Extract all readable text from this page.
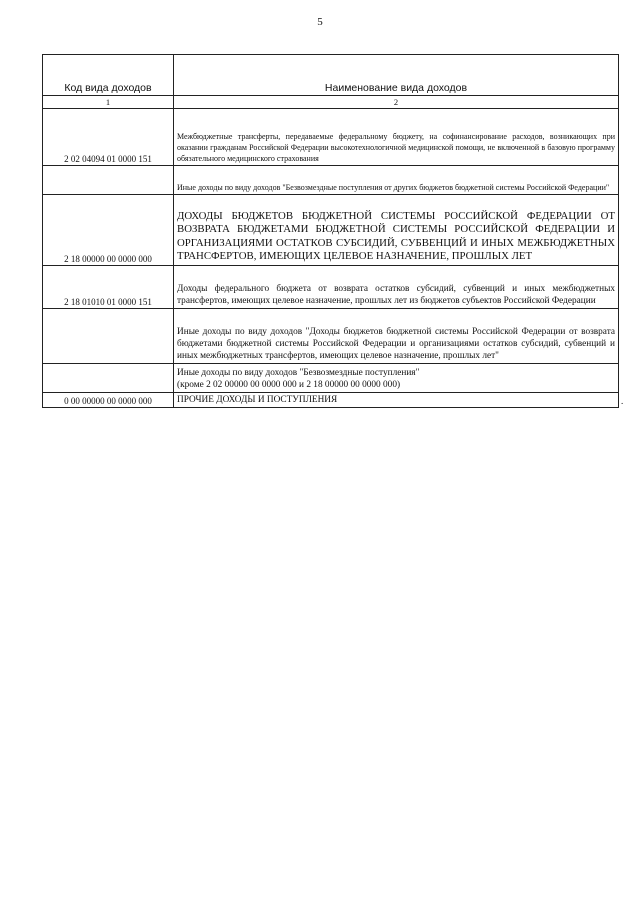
5
Код вида доходов	Наименование вида доходов
1	2
2 02 04094 01 0000 151	Межбюджетные трансферты, передаваемые федеральному бюджету, на софинансирование расходов, возникающих при оказании гражданам Российской Федерации высокотехнологичной медицинской помощи, не включенной в базовую программу обязательного медицинского страхования
	Иные доходы по виду доходов "Безвозмездные поступления от других бюджетов бюджетной системы Российской Федерации"
2 18 00000 00 0000 000	ДОХОДЫ БЮДЖЕТОВ БЮДЖЕТНОЙ СИСТЕМЫ РОССИЙСКОЙ ФЕДЕРАЦИИ ОТ ВОЗВРАТА БЮДЖЕТАМИ БЮДЖЕТНОЙ СИСТЕМЫ РОССИЙСКОЙ ФЕДЕРАЦИИ И ОРГАНИЗАЦИЯМИ ОСТАТКОВ СУБСИДИЙ, СУБВЕНЦИЙ И ИНЫХ МЕЖБЮДЖЕТНЫХ ТРАНСФЕРТОВ, ИМЕЮЩИХ ЦЕЛЕВОЕ НАЗНАЧЕНИЕ, ПРОШЛЫХ ЛЕТ
2 18 01010 01 0000 151	Доходы федерального бюджета от возврата остатков субсидий, субвенций и иных межбюджетных трансфертов, имеющих целевое назначение, прошлых лет из бюджетов субъектов Российской Федерации
	Иные доходы по виду доходов "Доходы бюджетов бюджетной системы Российской Федерации от возврата бюджетами бюджетной системы Российской Федерации и организациями остатков субсидий, субвенций и иных межбюджетных трансфертов, имеющих целевое назначение, прошлых лет"
	Иные доходы по виду доходов "Безвозмездные поступления"
(кроме 2 02 00000 00 0000 000 и 2 18 00000 00 0000 000)
0 00 00000 00 0000 000	ПРОЧИЕ ДОХОДЫ И ПОСТУПЛЕНИЯ	.
